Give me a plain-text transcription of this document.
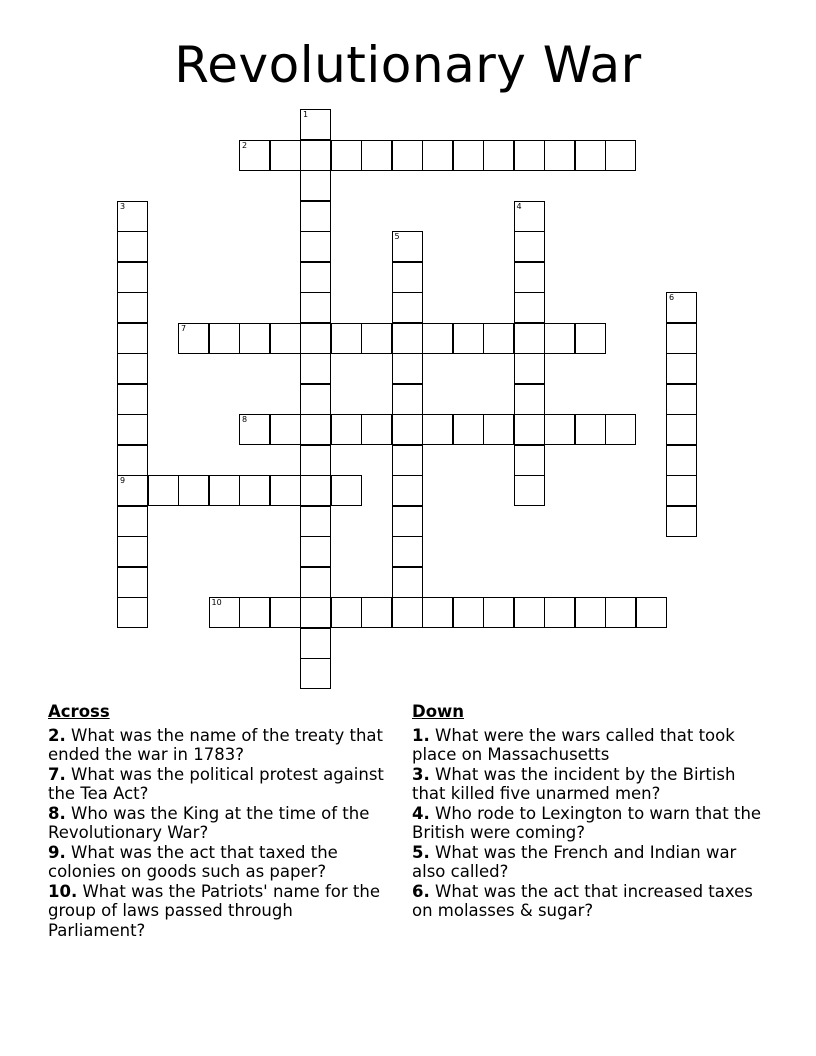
Revolutionary War
1
2
3
9
4
5
6
7
8
10
Across
2. What was the name of the treaty that ended the war in 1783?
7. What was the political protest against the Tea Act?
8. Who was the King at the time of the Revolutionary War?
9. What was the act that taxed the colonies on goods such as paper?
10. What was the Patriots' name for the group of laws passed through Parliament?
Down
1. What were the wars called that took place on Massachusetts
3. What was the incident by the Birtish that killed five unarmed men?
4. Who rode to Lexington to warn that the British were coming?
5. What was the French and Indian war also called?
6. What was the act that increased taxes on molasses & sugar?
